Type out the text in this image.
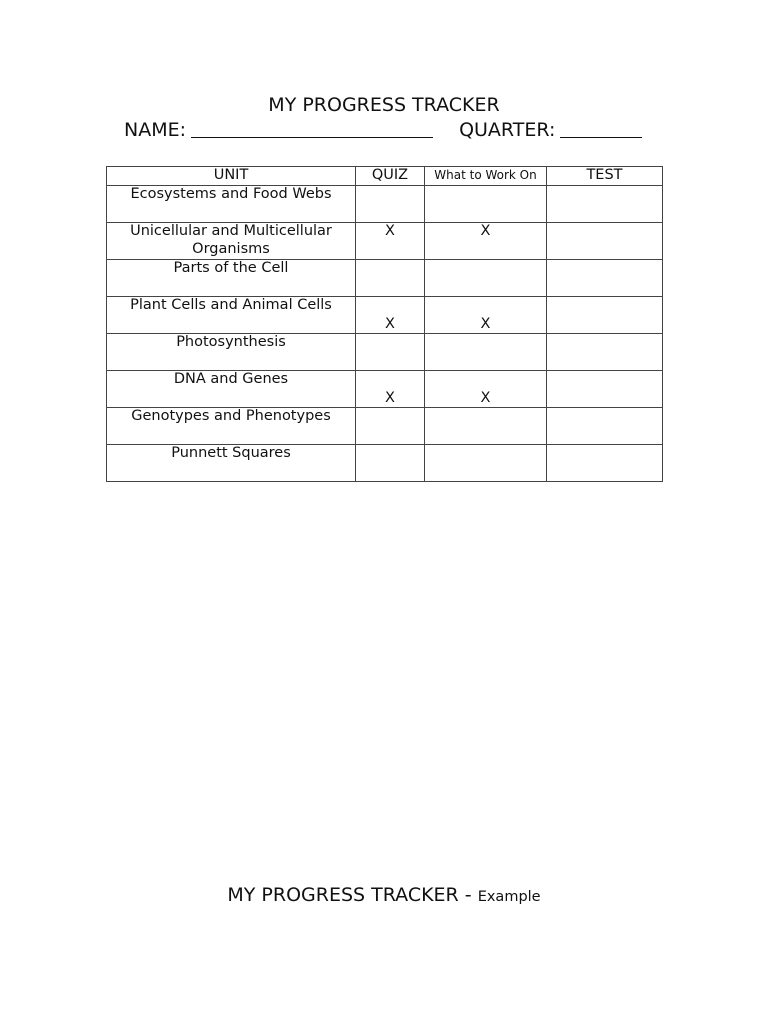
MY PROGRESS TRACKER
NAME:	QUARTER:
UNIT	QUIZ	What to Work On	TEST
Ecosystems and Food Webs			
Unicellular and Multicellular Organisms	X	X	
Parts of the Cell			
Plant Cells and Animal Cells	X	X	
Photosynthesis			
DNA and Genes	X	X	
Genotypes and Phenotypes			
Punnett Squares			
MY PROGRESS TRACKER - Example
